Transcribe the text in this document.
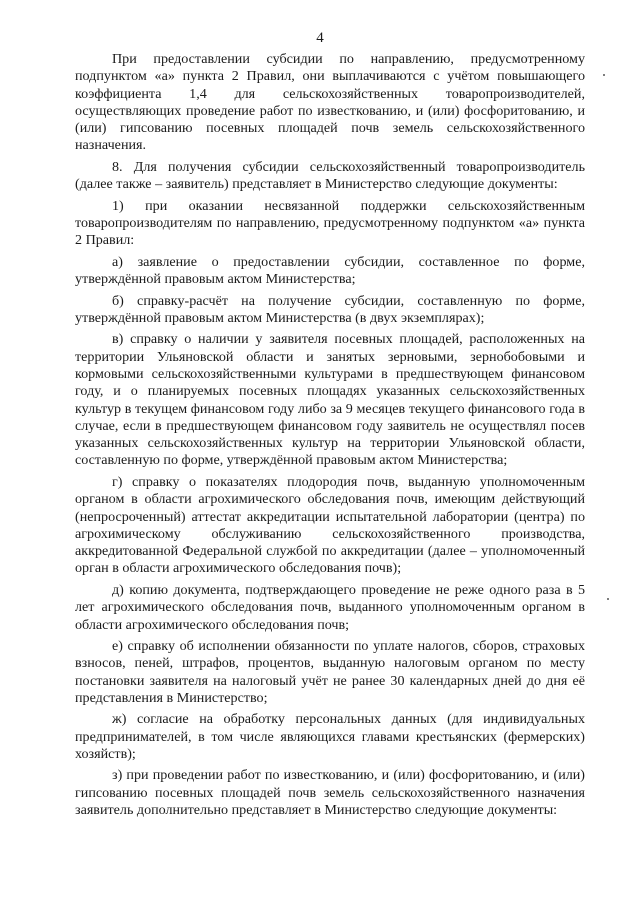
4

При предоставлении субсидии по направлению, предусмотренному подпунктом «а» пункта 2 Правил, они выплачиваются с учётом повышающего коэффициента 1,4 для сельскохозяйственных товаропроизводителей, осуществляющих проведение работ по известкованию, и (или) фосфоритованию, и (или) гипсованию посевных площадей почв земель сельскохозяйственного назначения.

8. Для получения субсидии сельскохозяйственный товаропроизводитель (далее также – заявитель) представляет в Министерство следующие документы:

1) при оказании несвязанной поддержки сельскохозяйственным товаропроизводителям по направлению, предусмотренному подпунктом «а» пункта 2 Правил:

а) заявление о предоставлении субсидии, составленное по форме, утверждённой правовым актом Министерства;

б) справку-расчёт на получение субсидии, составленную по форме, утверждённой правовым актом Министерства (в двух экземплярах);

в) справку о наличии у заявителя посевных площадей, расположенных на территории Ульяновской области и занятых зерновыми, зернобобовыми и кормовыми сельскохозяйственными культурами в предшествующем финансовом году, и о планируемых посевных площадях указанных сельскохозяйственных культур в текущем финансовом году либо за 9 месяцев текущего финансового года в случае, если в предшествующем финансовом году заявитель не осуществлял посев указанных сельскохозяйственных культур на территории Ульяновской области, составленную по форме, утверждённой правовым актом Министерства;

г) справку о показателях плодородия почв, выданную уполномоченным органом в области агрохимического обследования почв, имеющим действующий (непросроченный) аттестат аккредитации испытательной лаборатории (центра) по агрохимическому обслуживанию сельскохозяйственного производства, аккредитованной Федеральной службой по аккредитации (далее – уполномоченный орган в области агрохимического обследования почв);

д) копию документа, подтверждающего проведение не реже одного раза в 5 лет агрохимического обследования почв, выданного уполномоченным органом в области агрохимического обследования почв;

е) справку об исполнении обязанности по уплате налогов, сборов, страховых взносов, пеней, штрафов, процентов, выданную налоговым органом по месту постановки заявителя на налоговый учёт не ранее 30 календарных дней до дня её представления в Министерство;

ж) согласие на обработку персональных данных (для индивидуальных предпринимателей, в том числе являющихся главами крестьянских (фермерских) хозяйств);

з) при проведении работ по известкованию, и (или) фосфоритованию, и (или) гипсованию посевных площадей почв земель сельскохозяйственного назначения заявитель дополнительно представляет в Министерство следующие документы:
